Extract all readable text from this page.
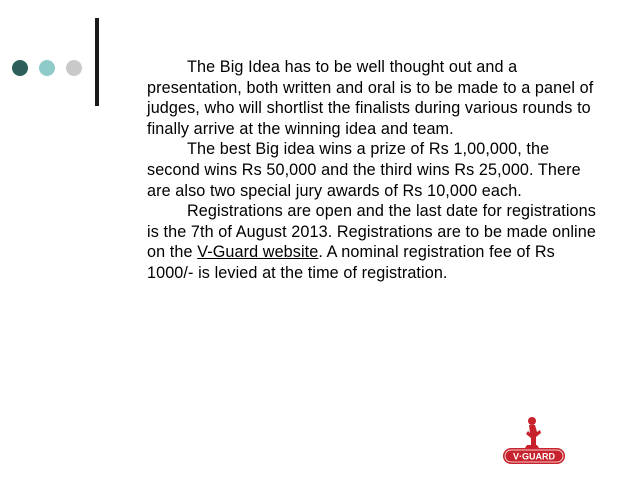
The Big Idea has to be well thought out and a presentation, both written and oral is to be made to a panel of judges, who will shortlist the finalists during various rounds to finally arrive at the winning idea and team.

The best Big idea wins a prize of Rs 1,00,000, the second wins Rs 50,000 and the third wins Rs 25,000. There are also two special jury awards of Rs 10,000 each.

Registrations are open and the last date for registrations is the 7th of August 2013. Registrations are to be made online on the V-Guard website. A nominal registration fee of Rs 1000/- is levied at the time of registration.

V·GUARD
